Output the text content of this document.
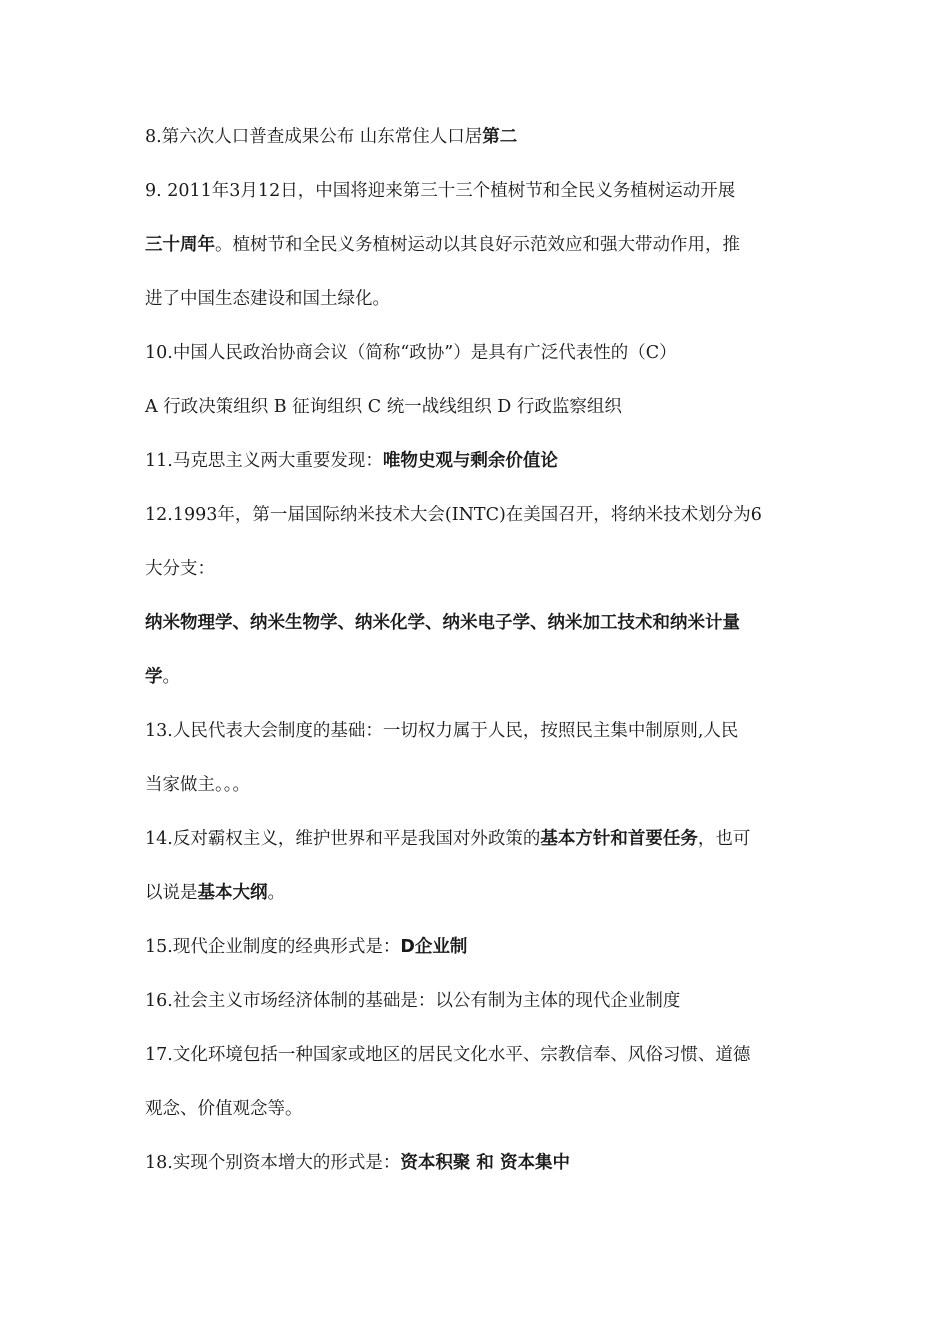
8.第六次人口普查成果公布 山东常住人口居第二
9. 2011年3月12日，中国将迎来第三十三个植树节和全民义务植树运动开展
三十周年。植树节和全民义务植树运动以其良好示范效应和强大带动作用，推
进了中国生态建设和国土绿化。
10.中国人民政治协商会议（简称“政协”）是具有广泛代表性的（C）
A 行政决策组织 B 征询组织 C 统一战线组织 D 行政监察组织
11.马克思主义两大重要发现：唯物史观与剩余价值论
12.1993年，第一届国际纳米技术大会(INTC)在美国召开，将纳米技术划分为6
大分支：
纳米物理学、纳米生物学、纳米化学、纳米电子学、纳米加工技术和纳米计量
学。
13.人民代表大会制度的基础：一切权力属于人民，按照民主集中制原则,人民
当家做主。。。
14.反对霸权主义，维护世界和平是我国对外政策的基本方针和首要任务，也可
以说是基本大纲。
15.现代企业制度的经典形式是：D企业制
16.社会主义市场经济体制的基础是：以公有制为主体的现代企业制度
17.文化环境包括一种国家或地区的居民文化水平、宗教信奉、风俗习惯、道德
观念、价值观念等。
18.实现个别资本增大的形式是：资本积聚 和 资本集中
